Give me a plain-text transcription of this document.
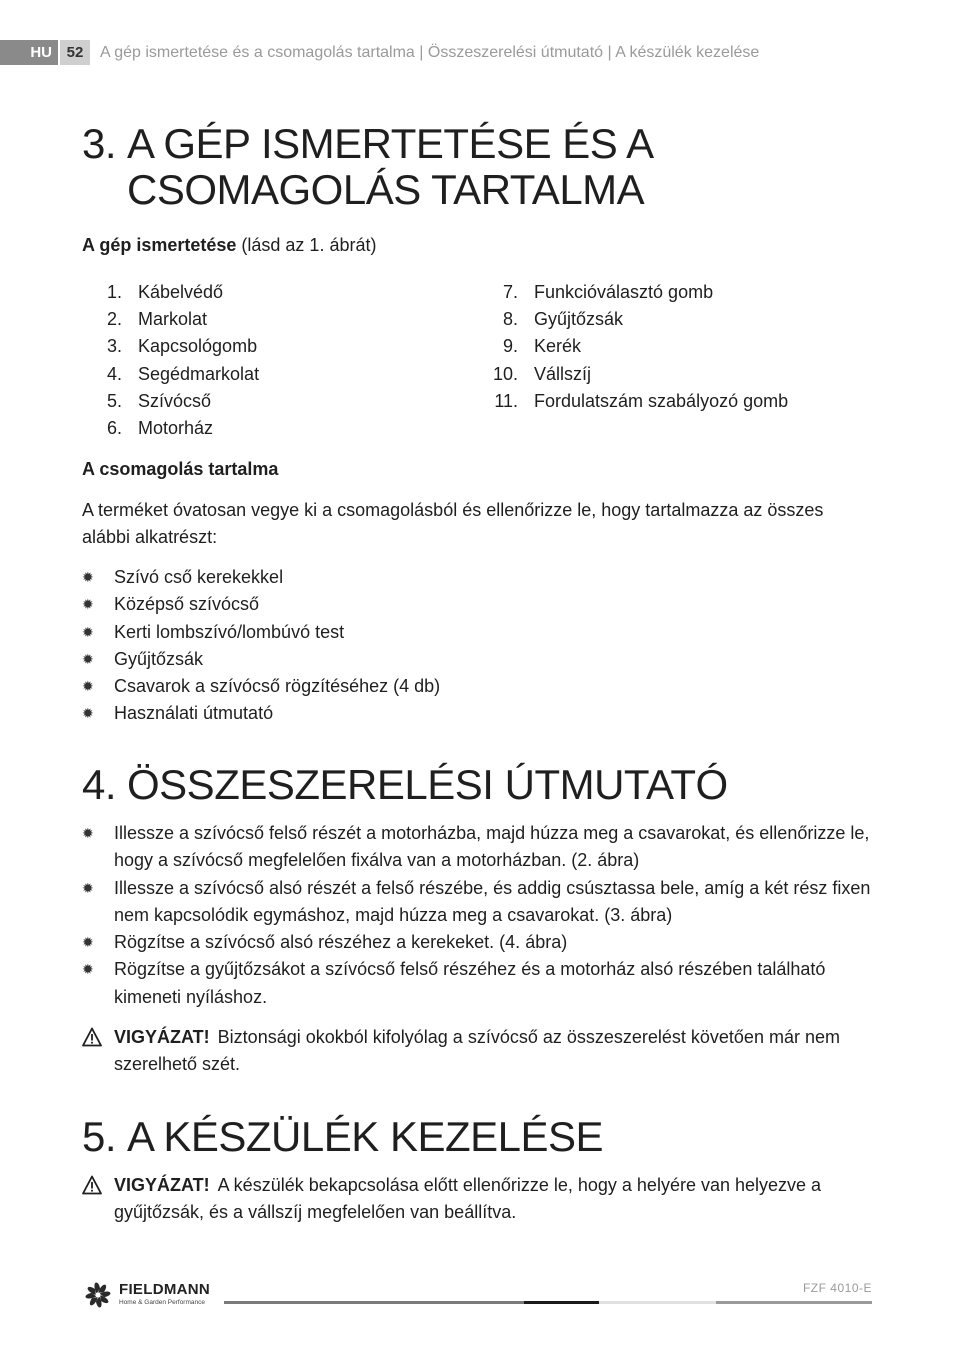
HU 52	A gép ismertetése és a csomagolás tartalma | Összeszerelési útmutató | A készülék kezelése
3. A GÉP ISMERTETÉSE ÉS A
CSOMAGOLÁS TARTALMA
A gép ismertetése (lásd az 1. ábrát)
1. Kábelvédő
2. Markolat
3. Kapcsológomb
4. Segédmarkolat
5. Szívócső
6. Motorház
7. Funkcióválasztó gomb
8. Gyűjtőzsák
9. Kerék
10. Vállszíj
11. Fordulatszám szabályozó gomb
A csomagolás tartalma
A terméket óvatosan vegye ki a csomagolásból és ellenőrizze le, hogy tartalmazza az összes alábbi alkatrészt:
✹ Szívó cső kerekekkel
✹ Középső szívócső
✹ Kerti lombszívó/lombúvó test
✹ Gyűjtőzsák
✹ Csavarok a szívócső rögzítéséhez (4 db)
✹ Használati útmutató
4. ÖSSZESZERELÉSI ÚTMUTATÓ
✹ Illessze a szívócső felső részét a motorházba, majd húzza meg a csavarokat, és ellenőrizze le, hogy a szívócső megfelelően fixálva van a motorházban. (2. ábra)
✹ Illessze a szívócső alsó részét a felső részébe, és addig csúsztassa bele, amíg a két rész fixen nem kapcsolódik egymáshoz, majd húzza meg a csavarokat. (3. ábra)
✹ Rögzítse a szívócső alsó részéhez a kerekeket. (4. ábra)
✹ Rögzítse a gyűjtőzsákot a szívócső felső részéhez és a motorház alsó részében található kimeneti nyíláshoz.
VIGYÁZAT! Biztonsági okokból kifolyólag a szívócső az összeszerelést követően már nem szerelhető szét.
5. A KÉSZÜLÉK KEZELÉSE
VIGYÁZAT! A készülék bekapcsolása előtt ellenőrizze le, hogy a helyére van helyezve a gyűjtőzsák, és a vállszíj megfelelően van beállítva.
FIELDMANN
Home & Garden Performance
FZF 4010-E
